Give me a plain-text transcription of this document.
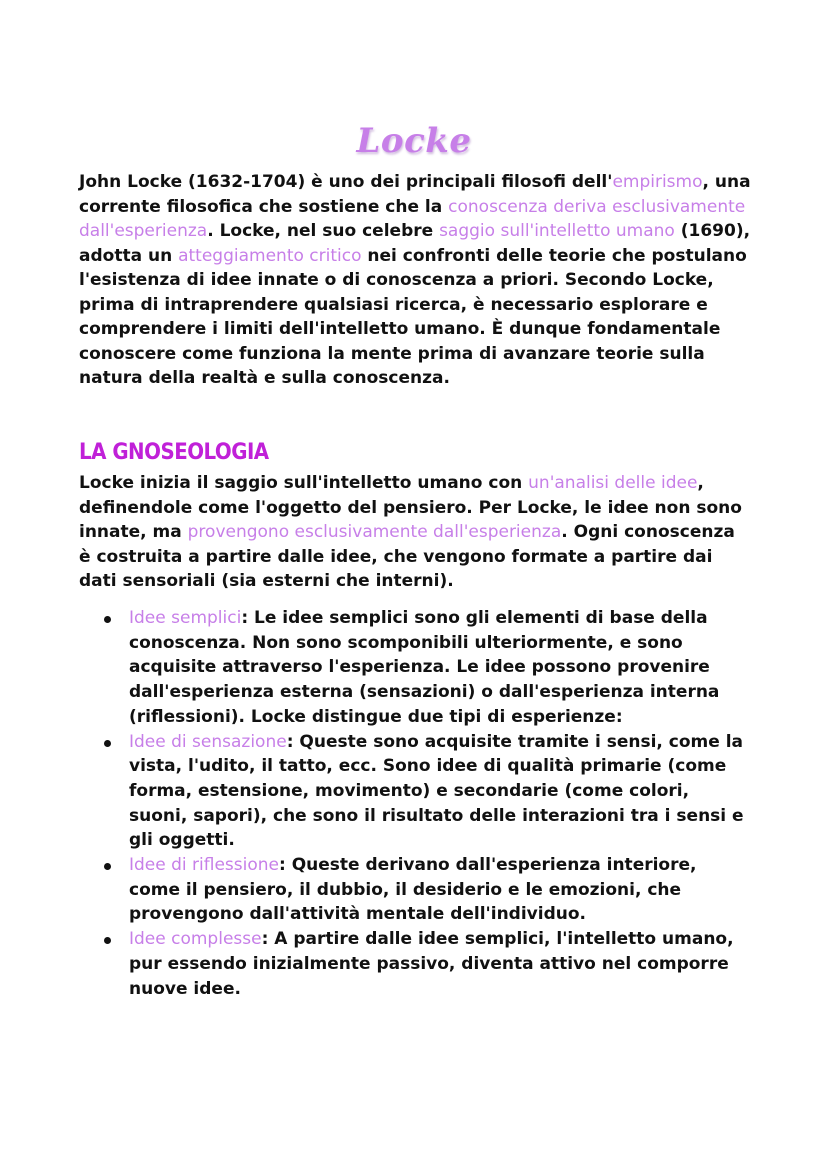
Locke

John Locke (1632-1704) è uno dei principali filosofi dell'empirismo, una corrente filosofica che sostiene che la conoscenza deriva esclusivamente dall'esperienza. Locke, nel suo celebre saggio sull'intelletto umano (1690), adotta un atteggiamento critico nei confronti delle teorie che postulano l'esistenza di idee innate o di conoscenza a priori. Secondo Locke, prima di intraprendere qualsiasi ricerca, è necessario esplorare e comprendere i limiti dell'intelletto umano. È dunque fondamentale conoscere come funziona la mente prima di avanzare teorie sulla natura della realtà e sulla conoscenza.

LA GNOSEOLOGIA

Locke inizia il saggio sull'intelletto umano con un'analisi delle idee, definendole come l'oggetto del pensiero. Per Locke, le idee non sono innate, ma provengono esclusivamente dall'esperienza. Ogni conoscenza è costruita a partire dalle idee, che vengono formate a partire dai dati sensoriali (sia esterni che interni).

Idee semplici: Le idee semplici sono gli elementi di base della conoscenza. Non sono scomponibili ulteriormente, e sono acquisite attraverso l'esperienza. Le idee possono provenire dall'esperienza esterna (sensazioni) o dall'esperienza interna (riflessioni). Locke distingue due tipi di esperienze:
Idee di sensazione: Queste sono acquisite tramite i sensi, come la vista, l'udito, il tatto, ecc. Sono idee di qualità primarie (come forma, estensione, movimento) e secondarie (come colori, suoni, sapori), che sono il risultato delle interazioni tra i sensi e gli oggetti.
Idee di riflessione: Queste derivano dall'esperienza interiore, come il pensiero, il dubbio, il desiderio e le emozioni, che provengono dall'attività mentale dell'individuo.
Idee complesse: A partire dalle idee semplici, l'intelletto umano, pur essendo inizialmente passivo, diventa attivo nel comporre nuove idee.
